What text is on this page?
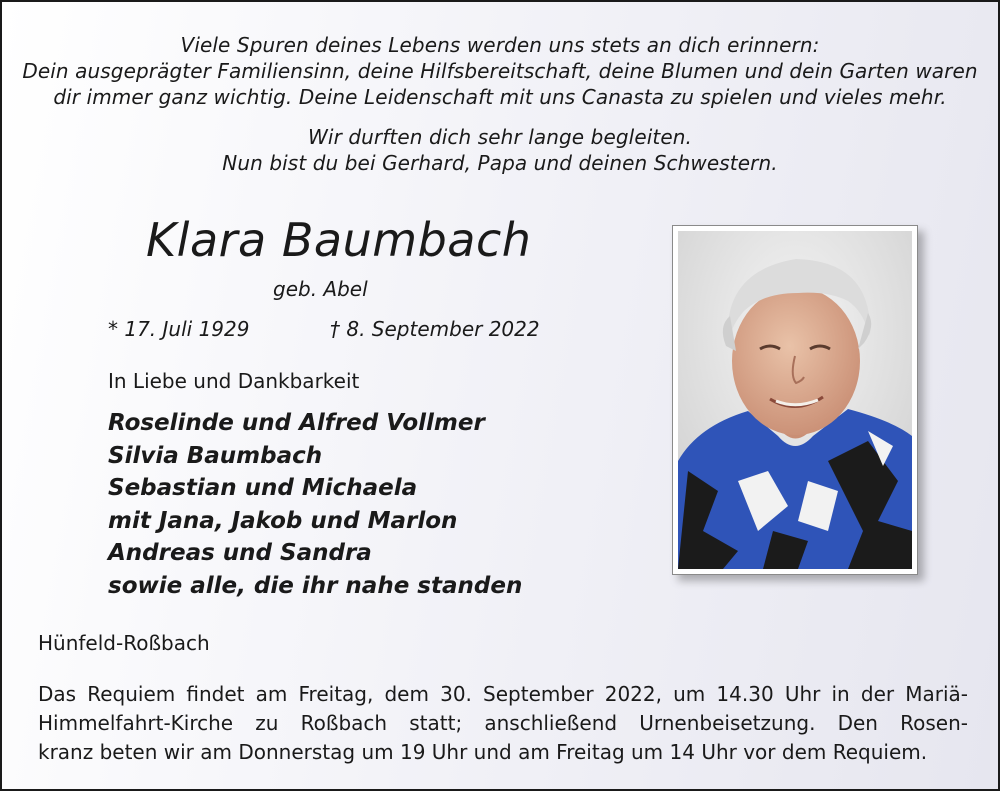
Viele Spuren deines Lebens werden uns stets an dich erinnern:
Dein ausgeprägter Familiensinn, deine Hilfsbereitschaft, deine Blumen und dein Garten waren
dir immer ganz wichtig. Deine Leidenschaft mit uns Canasta zu spielen und vieles mehr.
Wir durften dich sehr lange begleiten.
Nun bist du bei Gerhard, Papa und deinen Schwestern.
Klara Baumbach
geb. Abel
* 17. Juli 1929	† 8. September 2022
In Liebe und Dankbarkeit
Roselinde und Alfred Vollmer
Silvia Baumbach
Sebastian und Michaela
mit Jana, Jakob und Marlon
Andreas und Sandra
sowie alle, die ihr nahe standen
Hünfeld-Roßbach
Das Requiem findet am Freitag, dem 30. September 2022, um 14.30 Uhr in der Mariä-
Himmelfahrt-Kirche zu Roßbach statt; anschließend Urnenbeisetzung. Den Rosen-
kranz beten wir am Donnerstag um 19 Uhr und am Freitag um 14 Uhr vor dem Requiem.
